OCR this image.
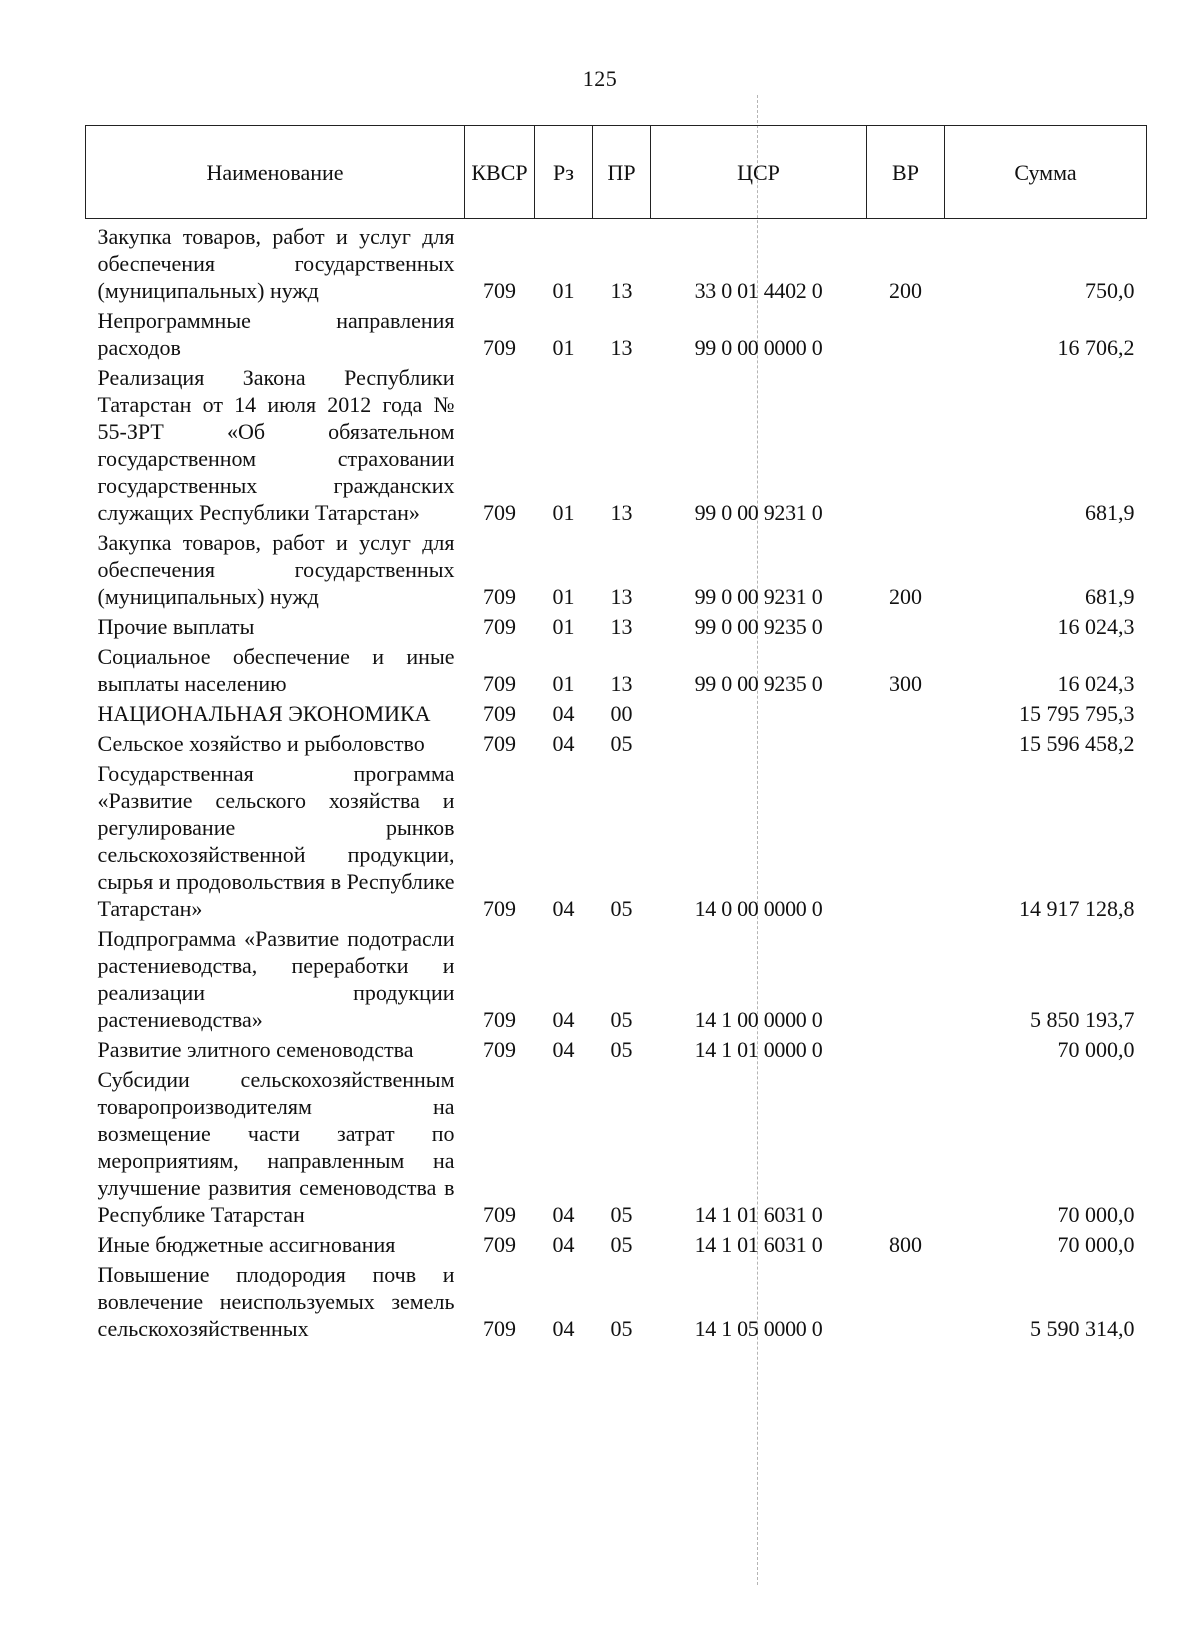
125
Наименование	КВСР	Рз	ПР	ЦСР	ВР	Сумма
Закупка товаров, работ и услуг для обеспечения государственных (муниципальных) нужд	709	01	13	33 0 01 4402 0	200	750,0
Непрограммные направления расходов	709	01	13	99 0 00 0000 0		16 706,2
Реализация Закона Республики Татарстан от 14 июля 2012 года № 55-ЗРТ «Об обязательном государственном страховании государственных гражданских служащих Республики Татарстан»	709	01	13	99 0 00 9231 0		681,9
Закупка товаров, работ и услуг для обеспечения государственных (муниципальных) нужд	709	01	13	99 0 00 9231 0	200	681,9
Прочие выплаты	709	01	13	99 0 00 9235 0		16 024,3
Социальное обеспечение и иные выплаты населению	709	01	13	99 0 00 9235 0	300	16 024,3
НАЦИОНАЛЬНАЯ ЭКОНОМИКА	709	04	00			15 795 795,3
Сельское хозяйство и рыболовство	709	04	05			15 596 458,2
Государственная программа «Развитие сельского хозяйства и регулирование рынков сельскохозяйственной продукции, сырья и продовольствия в Республике Татарстан»	709	04	05	14 0 00 0000 0		14 917 128,8
Подпрограмма «Развитие подотрасли растениеводства, переработки и реализации продукции растениеводства»	709	04	05	14 1 00 0000 0		5 850 193,7
Развитие элитного семеноводства	709	04	05	14 1 01 0000 0		70 000,0
Субсидии сельскохозяйственным товаропроизводителям на возмещение части затрат по мероприятиям, направленным на улучшение развития семеноводства в Республике Татарстан	709	04	05	14 1 01 6031 0		70 000,0
Иные бюджетные ассигнования	709	04	05	14 1 01 6031 0	800	70 000,0
Повышение плодородия почв и вовлечение неиспользуемых земель сельскохозяйственных	709	04	05	14 1 05 0000 0		5 590 314,0
